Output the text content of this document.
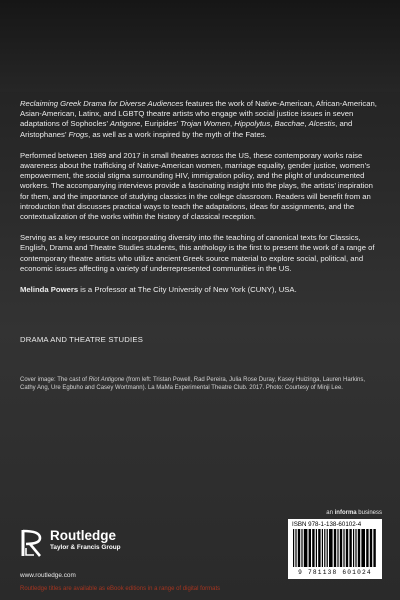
Reclaiming Greek Drama for Diverse Audiences features the work of Native-American, African-American, Asian-American, Latinx, and LGBTQ theatre artists who engage with social justice issues in seven adaptations of Sophocles’ Antigone, Euripides’ Trojan Women, Hippolytus, Bacchae, Alcestis, and Aristophanes’ Frogs, as well as a work inspired by the myth of the Fates.

Performed between 1989 and 2017 in small theatres across the US, these contemporary works raise awareness about the trafficking of Native-American women, marriage equality, gender justice, women’s empowerment, the social stigma surrounding HIV, immigration policy, and the plight of undocumented workers. The accompanying interviews provide a fascinating insight into the plays, the artists’ inspiration for them, and the importance of studying classics in the college classroom. Readers will benefit from an introduction that discusses practical ways to teach the adaptations, ideas for assignments, and the contextualization of the works within the history of classical reception.

Serving as a key resource on incorporating diversity into the teaching of canonical texts for Classics, English, Drama and Theatre Studies students, this anthology is the first to present the work of a range of contemporary theatre artists who utilize ancient Greek source material to explore social, political, and economic issues affecting a variety of underrepresented communities in the US.

Melinda Powers is a Professor at The City University of New York (CUNY), USA.

DRAMA AND THEATRE STUDIES

Cover image: The cast of Riot Antigone (from left: Tristan Powell, Rad Pereira, Julia Rose Duray, Kasey Huizinga, Lauren Harkins, Cathy Ang, Ure Egbuho and Casey Wortmann). La MaMa Experimental Theatre Club. 2017. Photo: Courtesy of Minji Lee.

an informa business
Routledge
Taylor & Francis Group
www.routledge.com
ISBN 978-1-138-60102-4
9 781138 601024
Routledge titles are available as eBook editions in a range of digital formats
